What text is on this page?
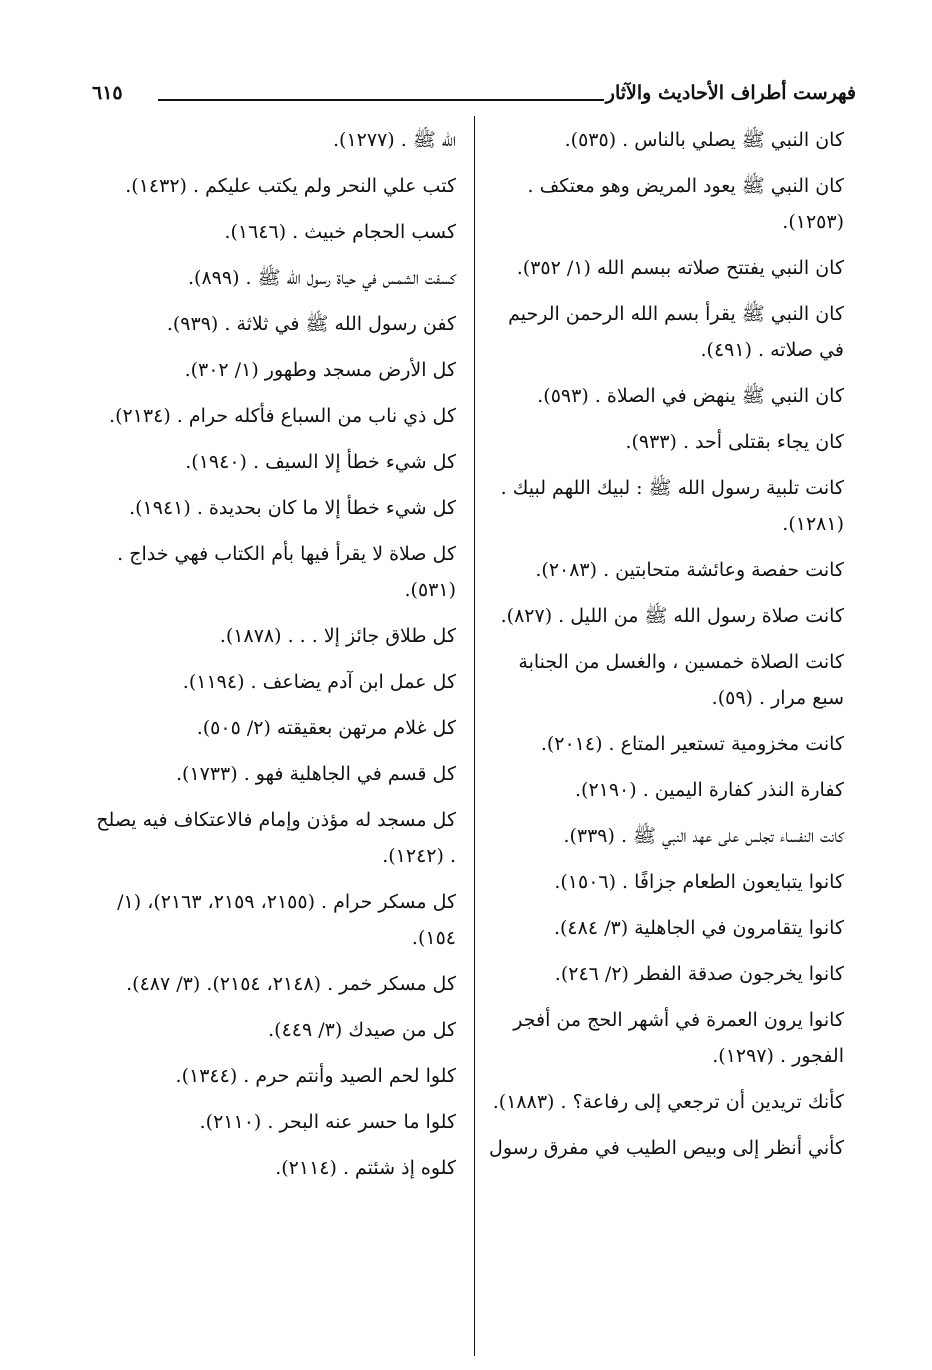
فهرست أطراف الأحاديث والآثار
٦١٥
كان النبي ﷺ يصلي بالناس . (٥٣٥).
كان النبي ﷺ يعود المريض وهو معتكف . (١٢٥٣).
كان النبي يفتتح صلاته ببسم الله (١/ ٣٥٢).
كان النبي ﷺ يقرأ بسم الله الرحمن الرحيم في صلاته . (٤٩١).
كان النبي ﷺ ينهض في الصلاة . (٥٩٣).
كان يجاء بقتلى أحد . (٩٣٣).
كانت تلبية رسول الله ﷺ : لبيك اللهم لبيك . (١٢٨١).
كانت حفصة وعائشة متحابتين . (٢٠٨٣).
كانت صلاة رسول الله ﷺ من الليل . (٨٢٧).
كانت الصلاة خمسين ، والغسل من الجنابة سبع مرار . (٥٩).
كانت مخزومية تستعير المتاع . (٢٠١٤).
كفارة النذر كفارة اليمين . (٢١٩٠).
كانت النفساء تجلس على عهد النبي ﷺ . (٣٣٩).
كانوا يتبايعون الطعام جزافًا . (١٥٠٦).
كانوا يتقامرون في الجاهلية (٣/ ٤٨٤).
كانوا يخرجون صدقة الفطر (٢/ ٢٤٦).
كانوا يرون العمرة في أشهر الحج من أفجر الفجور . (١٢٩٧).
كأنك تريدين أن ترجعي إلى رفاعة؟ . (١٨٨٣).
كأني أنظر إلى وبيص الطيب في مفرق رسول
الله ﷺ . (١٢٧٧).
كتب علي النحر ولم يكتب عليكم . (١٤٣٢).
كسب الحجام خبيث . (١٦٤٦).
كسفت الشمس في حياة رسول الله ﷺ . (٨٩٩).
كفن رسول الله ﷺ في ثلاثة . (٩٣٩).
كل الأرض مسجد وطهور (١/ ٣٠٢).
كل ذي ناب من السباع فأكله حرام . (٢١٣٤).
كل شيء خطأ إلا السيف . (١٩٤٠).
كل شيء خطأ إلا ما كان بحديدة . (١٩٤١).
كل صلاة لا يقرأ فيها بأم الكتاب فهي خداج . (٥٣١).
كل طلاق جائز إلا . . . (١٨٧٨).
كل عمل ابن آدم يضاعف . (١١٩٤).
كل غلام مرتهن بعقيقته (٢/ ٥٠٥).
كل قسم في الجاهلية فهو . (١٧٣٣).
كل مسجد له مؤذن وإمام فالاعتكاف فيه يصلح . (١٢٤٢).
كل مسكر حرام . (٢١٥٥، ٢١٥٩، ٢١٦٣)، (١/ ١٥٤).
كل مسكر خمر . (٢١٤٨، ٢١٥٤). (٣/ ٤٨٧).
كل من صيدك (٣/ ٤٤٩).
كلوا لحم الصيد وأنتم حرم . (١٣٤٤).
كلوا ما حسر عنه البحر . (٢١١٠).
كلوه إذ شئتم . (٢١١٤).
